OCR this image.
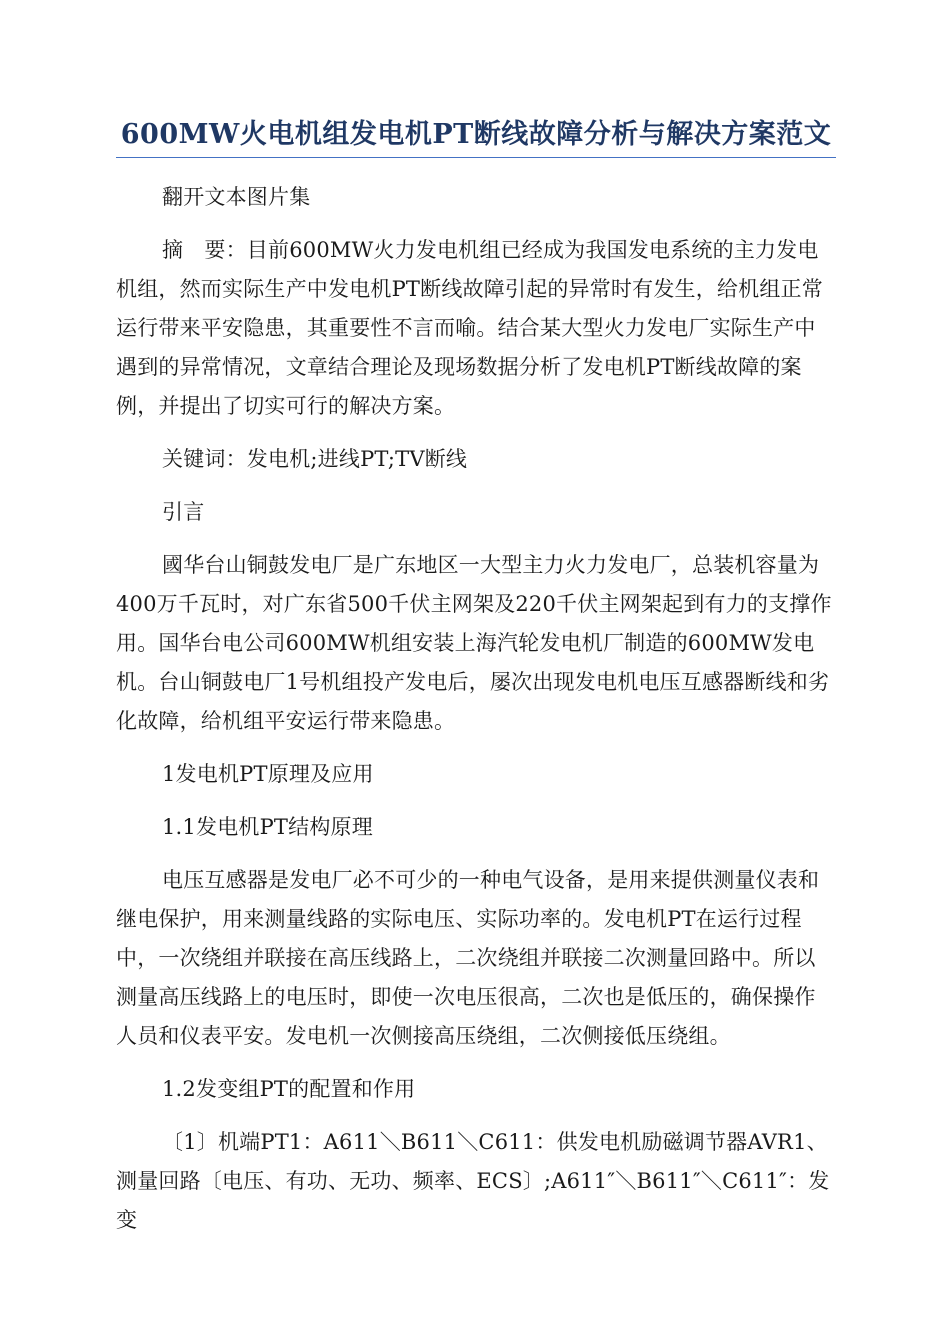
600MW火电机组发电机PT断线故障分析与解决方案范文

翻开文本图片集

摘　要：目前600MW火力发电机组已经成为我国发电系统的主力发电机组，然而实际生产中发电机PT断线故障引起的异常时有发生，给机组正常运行带来平安隐患，其重要性不言而喻。结合某大型火力发电厂实际生产中遇到的异常情况，文章结合理论及现场数据分析了发电机PT断线故障的案例，并提出了切实可行的解决方案。

关键词：发电机;进线PT;TV断线

引言

國华台山铜鼓发电厂是广东地区一大型主力火力发电厂，总装机容量为400万千瓦时，对广东省500千伏主网架及220千伏主网架起到有力的支撑作用。国华台电公司600MW机组安装上海汽轮发电机厂制造的600MW发电机。台山铜鼓电厂1号机组投产发电后，屡次出现发电机电压互感器断线和劣化故障，给机组平安运行带来隐患。

1发电机PT原理及应用

1.1发电机PT结构原理

电压互感器是发电厂必不可少的一种电气设备，是用来提供测量仪表和继电保护，用来测量线路的实际电压、实际功率的。发电机PT在运行过程中，一次绕组并联接在高压线路上，二次绕组并联接二次测量回路中。所以测量高压线路上的电压时，即使一次电压很高，二次也是低压的，确保操作人员和仪表平安。发电机一次侧接高压绕组，二次侧接低压绕组。

1.2发变组PT的配置和作用

〔1〕机端PT1：A611＼B611＼C611：供发电机励磁调节器AVR1、测量回路〔电压、有功、无功、频率、ECS〕;A611″＼B611″＼C611″：发变
